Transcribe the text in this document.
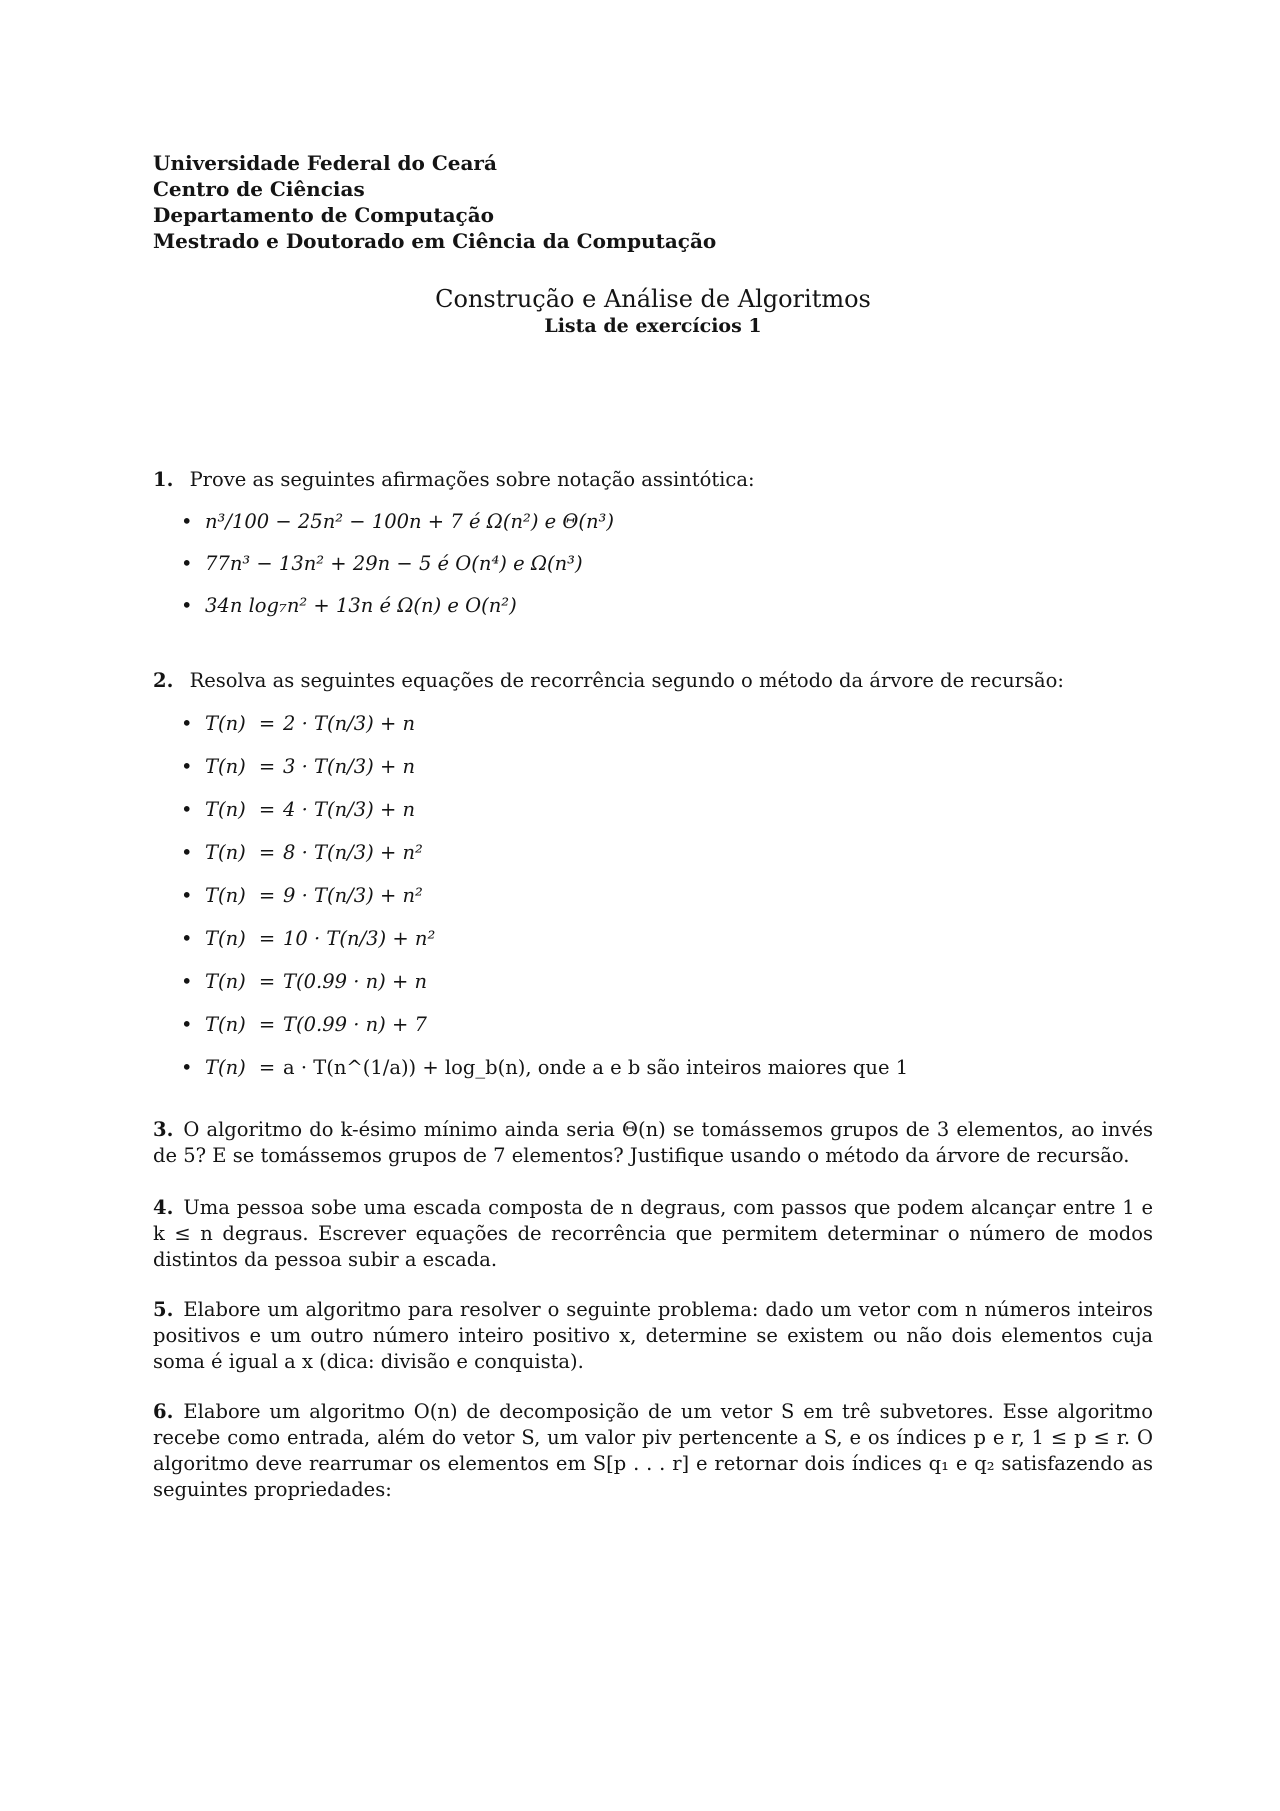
Universidade Federal do Ceará
Centro de Ciências
Departamento de Computação
Mestrado e Doutorado em Ciência da Computação
Construção e Análise de Algoritmos
Lista de exercícios 1
1. Prove as seguintes afirmações sobre notação assintótica:
• n³/100 − 25n² − 100n + 7 é Ω(n²) e Θ(n³)
• 77n³ − 13n² + 29n − 5 é O(n⁴) e Ω(n³)
• 34n log₇n² + 13n é Ω(n) e O(n²)
2. Resolva as seguintes equações de recorrência segundo o método da árvore de recursão:
• T(n) = 2 · T(n/3) + n
• T(n) = 3 · T(n/3) + n
• T(n) = 4 · T(n/3) + n
• T(n) = 8 · T(n/3) + n²
• T(n) = 9 · T(n/3) + n²
• T(n) = 10 · T(n/3) + n²
• T(n) = T(0.99 · n) + n
• T(n) = T(0.99 · n) + 7
• T(n) = a · T(n^(1/a)) + log_b(n), onde a e b são inteiros maiores que 1
3. O algoritmo do k-ésimo mínimo ainda seria Θ(n) se tomássemos grupos de 3 elementos, ao invés de 5? E se tomássemos grupos de 7 elementos? Justifique usando o método da árvore de recursão.
4. Uma pessoa sobe uma escada composta de n degraus, com passos que podem alcançar entre 1 e k ≤ n degraus. Escrever equações de recorrência que permitem determinar o número de modos distintos da pessoa subir a escada.
5. Elabore um algoritmo para resolver o seguinte problema: dado um vetor com n números inteiros positivos e um outro número inteiro positivo x, determine se existem ou não dois elementos cuja soma é igual a x (dica: divisão e conquista).
6. Elabore um algoritmo O(n) de decomposição de um vetor S em trê subvetores. Esse algoritmo recebe como entrada, além do vetor S, um valor piv pertencente a S, e os índices p e r, 1 ≤ p ≤ r. O algoritmo deve rearrumar os elementos em S[p . . . r] e retornar dois índices q₁ e q₂ satisfazendo as seguintes propriedades:
